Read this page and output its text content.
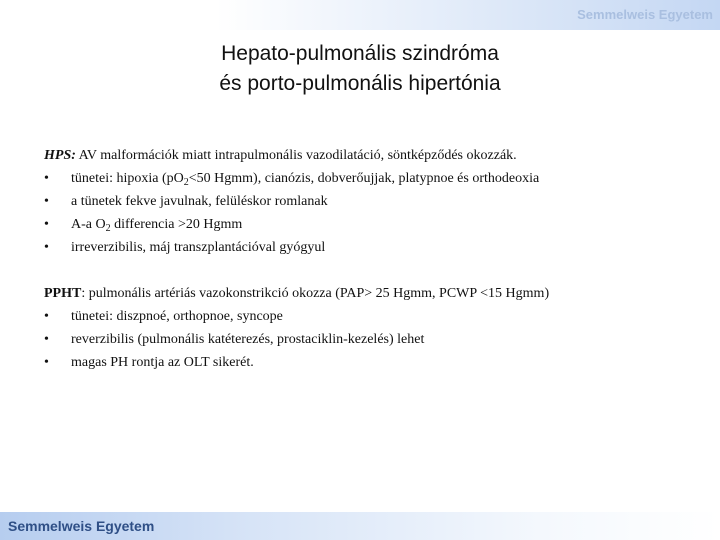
Semmelweis Egyetem
Hepato-pulmonális szindróma
és porto-pulmonális hipertónia
HPS: AV malformációk miatt intrapulmonális vazodilatáció, söntképződés okozzák.
• tünetei: hipoxia ($pO_2<50$ Hgmm), cianózis, dobverőujjak, platypnoe és orthodeoxia
• a tünetek fekve javulnak, felüléskor romlanak
• A-a $O_2$ differencia >20 Hgmm
• irreverzibilis, máj transzplantációval gyógyul
PPHT: pulmonális artériás vazokonstrikció okozza (PAP> 25 Hgmm, PCWP <15 Hgmm)
• tünetei: diszpnoé, orthopnoe, syncope
• reverzibilis (pulmonális katéterezés, prostaciklin-kezelés) lehet
• magas PH rontja az OLT sikerét.
Semmelweis Egyetem
